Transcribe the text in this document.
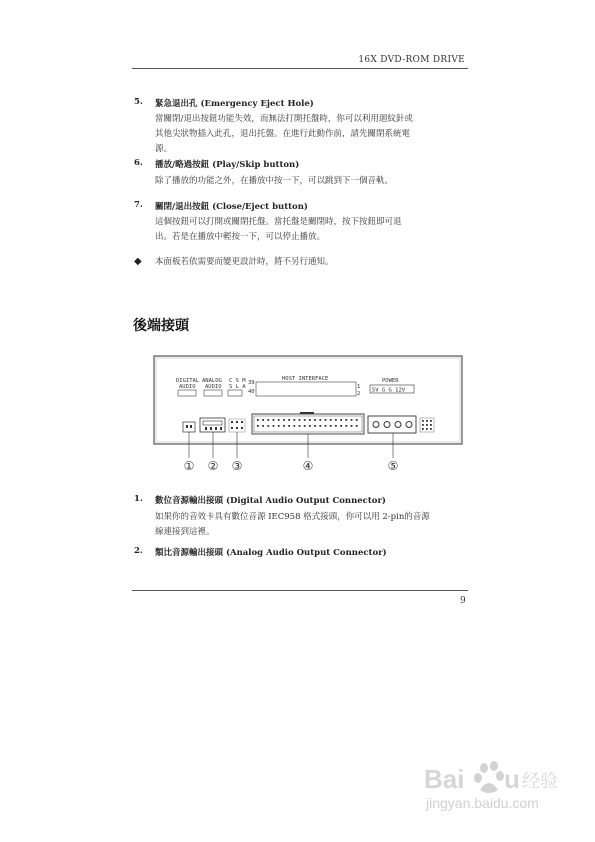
16X DVD-ROM DRIVE
5. 緊急退出孔 (Emergency Eject Hole)
當關閉/退出按鈕功能失效，而無法打開托盤時，你可以利用迴紋針或
其他尖狀物插入此孔，退出托盤。在進行此動作前，請先關閉系統電
源。
6. 播放/略過按鈕 (Play/Skip button)
除了播放的功能之外，在播放中按一下，可以跳到下一個音軌。
7. 關閉/退出按鈕 (Close/Eject button)
這個按鈕可以打開或關閉托盤。當托盤是關閉時，按下按鈕即可退
出。若是在播放中輕按一下，可以停止播放。
◆ 本面板若依需要而變更設計時，將不另行通知。
後端接頭
DIGITAL
AUDIO
ANALOG
AUDIO
C S M
S L A
39
40
HOST INTERFACE
1
2
POWER
5V G G 12V
① ② ③	④	⑤
1. 數位音源輸出接頭 (Digital Audio Output Connector)
如果你的音效卡具有數位音源 IEC958 格式接頭，你可以用 2-pin的音源
線連接到這裡。
2. 類比音源輸出接頭 (Analog Audio Output Connector)
9
Bai u 经验
jingyan.baidu.com
